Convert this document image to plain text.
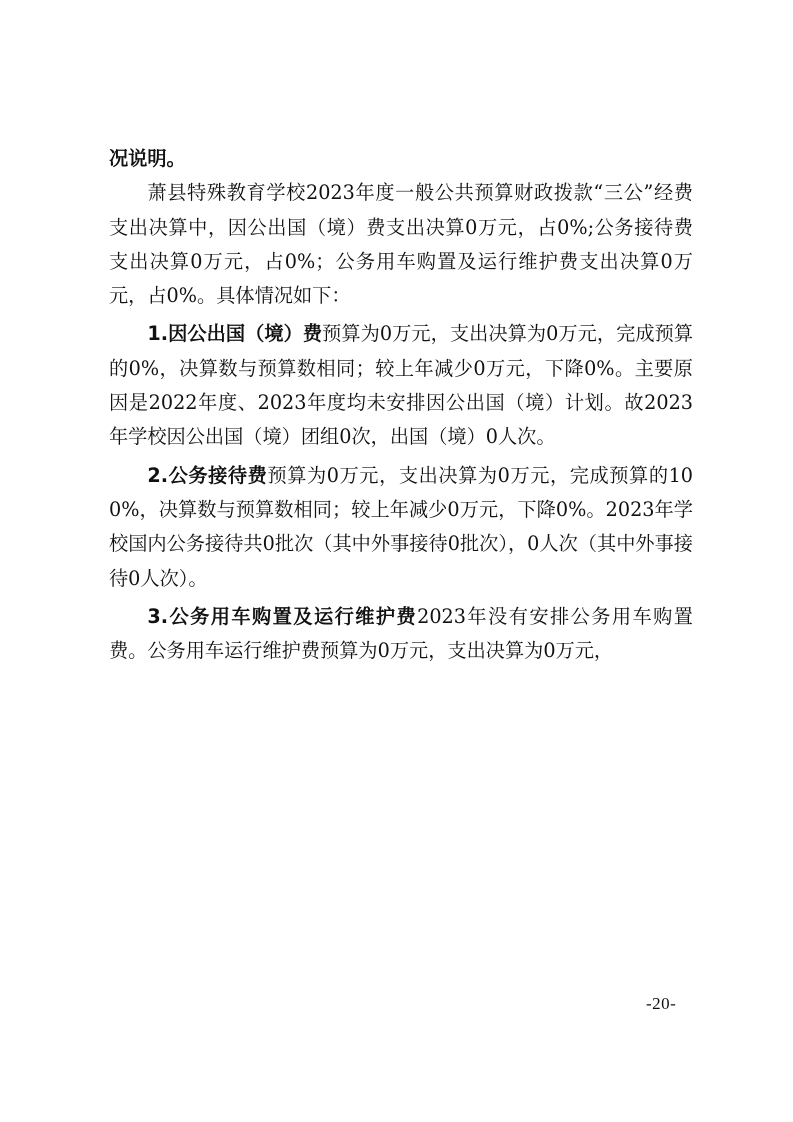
况说明。

萧县特殊教育学校2023年度一般公共预算财政拨款“三公”经费支出决算中，因公出国（境）费支出决算0万元，占0%;公务接待费支出决算0万元，占0%；公务用车购置及运行维护费支出决算0万元，占0%。具体情况如下：

1.因公出国（境）费预算为0万元，支出决算为0万元，完成预算的0%，决算数与预算数相同；较上年减少0万元，下降0%。主要原因是2022年度、2023年度均未安排因公出国（境）计划。故2023年学校因公出国（境）团组0次，出国（境）0人次。

2.公务接待费预算为0万元，支出决算为0万元，完成预算的100%，决算数与预算数相同；较上年减少0万元，下降0%。2023年学校国内公务接待共0批次（其中外事接待0批次），0人次（其中外事接待0人次）。

3.公务用车购置及运行维护费2023年没有安排公务用车购置费。公务用车运行维护费预算为0万元，支出决算为0万元，

-20-
